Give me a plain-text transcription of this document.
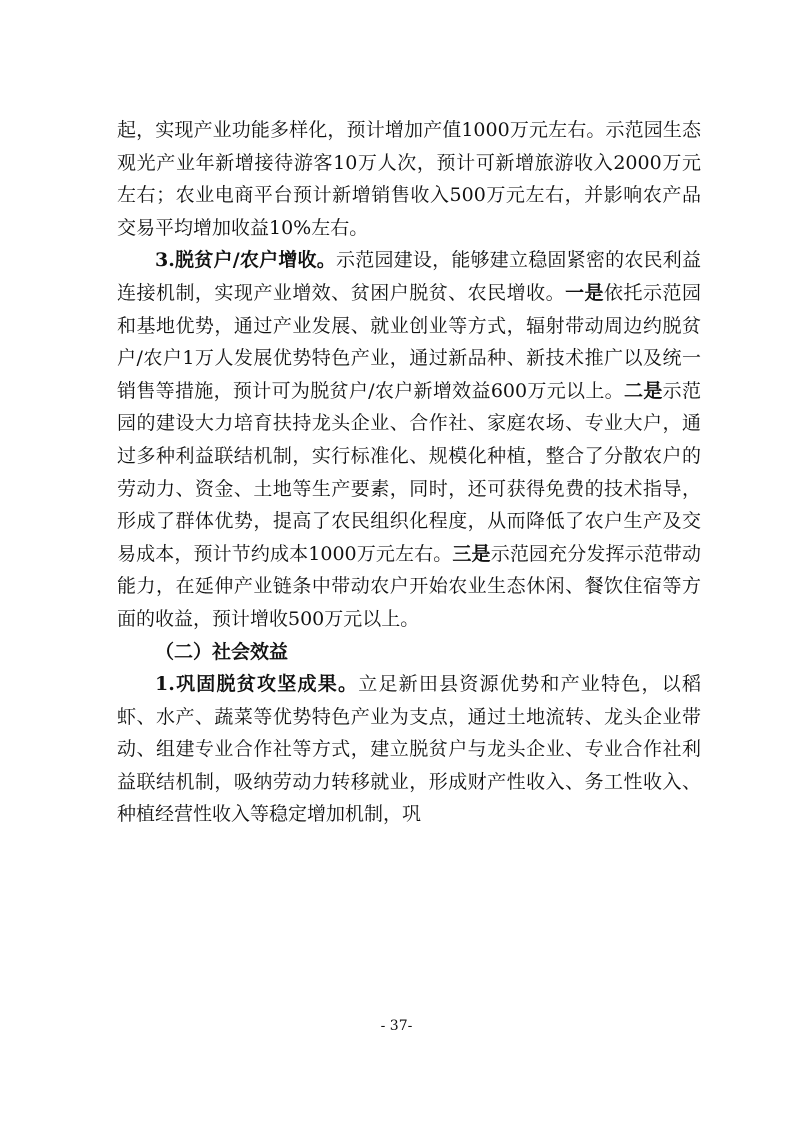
起，实现产业功能多样化，预计增加产值1000万元左右。示范园生态观光产业年新增接待游客10万人次，预计可新增旅游收入2000万元左右；农业电商平台预计新增销售收入500万元左右，并影响农产品交易平均增加收益10%左右。

3.脱贫户/农户增收。示范园建设，能够建立稳固紧密的农民利益连接机制，实现产业增效、贫困户脱贫、农民增收。一是依托示范园和基地优势，通过产业发展、就业创业等方式，辐射带动周边约脱贫户/农户1万人发展优势特色产业，通过新品种、新技术推广以及统一销售等措施，预计可为脱贫户/农户新增效益600万元以上。二是示范园的建设大力培育扶持龙头企业、合作社、家庭农场、专业大户，通过多种利益联结机制，实行标准化、规模化种植，整合了分散农户的劳动力、资金、土地等生产要素，同时，还可获得免费的技术指导，形成了群体优势，提高了农民组织化程度，从而降低了农户生产及交易成本，预计节约成本1000万元左右。三是示范园充分发挥示范带动能力，在延伸产业链条中带动农户开始农业生态休闲、餐饮住宿等方面的收益，预计增收500万元以上。

（二）社会效益

1.巩固脱贫攻坚成果。立足新田县资源优势和产业特色，以稻虾、水产、蔬菜等优势特色产业为支点，通过土地流转、龙头企业带动、组建专业合作社等方式，建立脱贫户与龙头企业、专业合作社利益联结机制，吸纳劳动力转移就业，形成财产性收入、务工性收入、种植经营性收入等稳定增加机制，巩

- 37-
